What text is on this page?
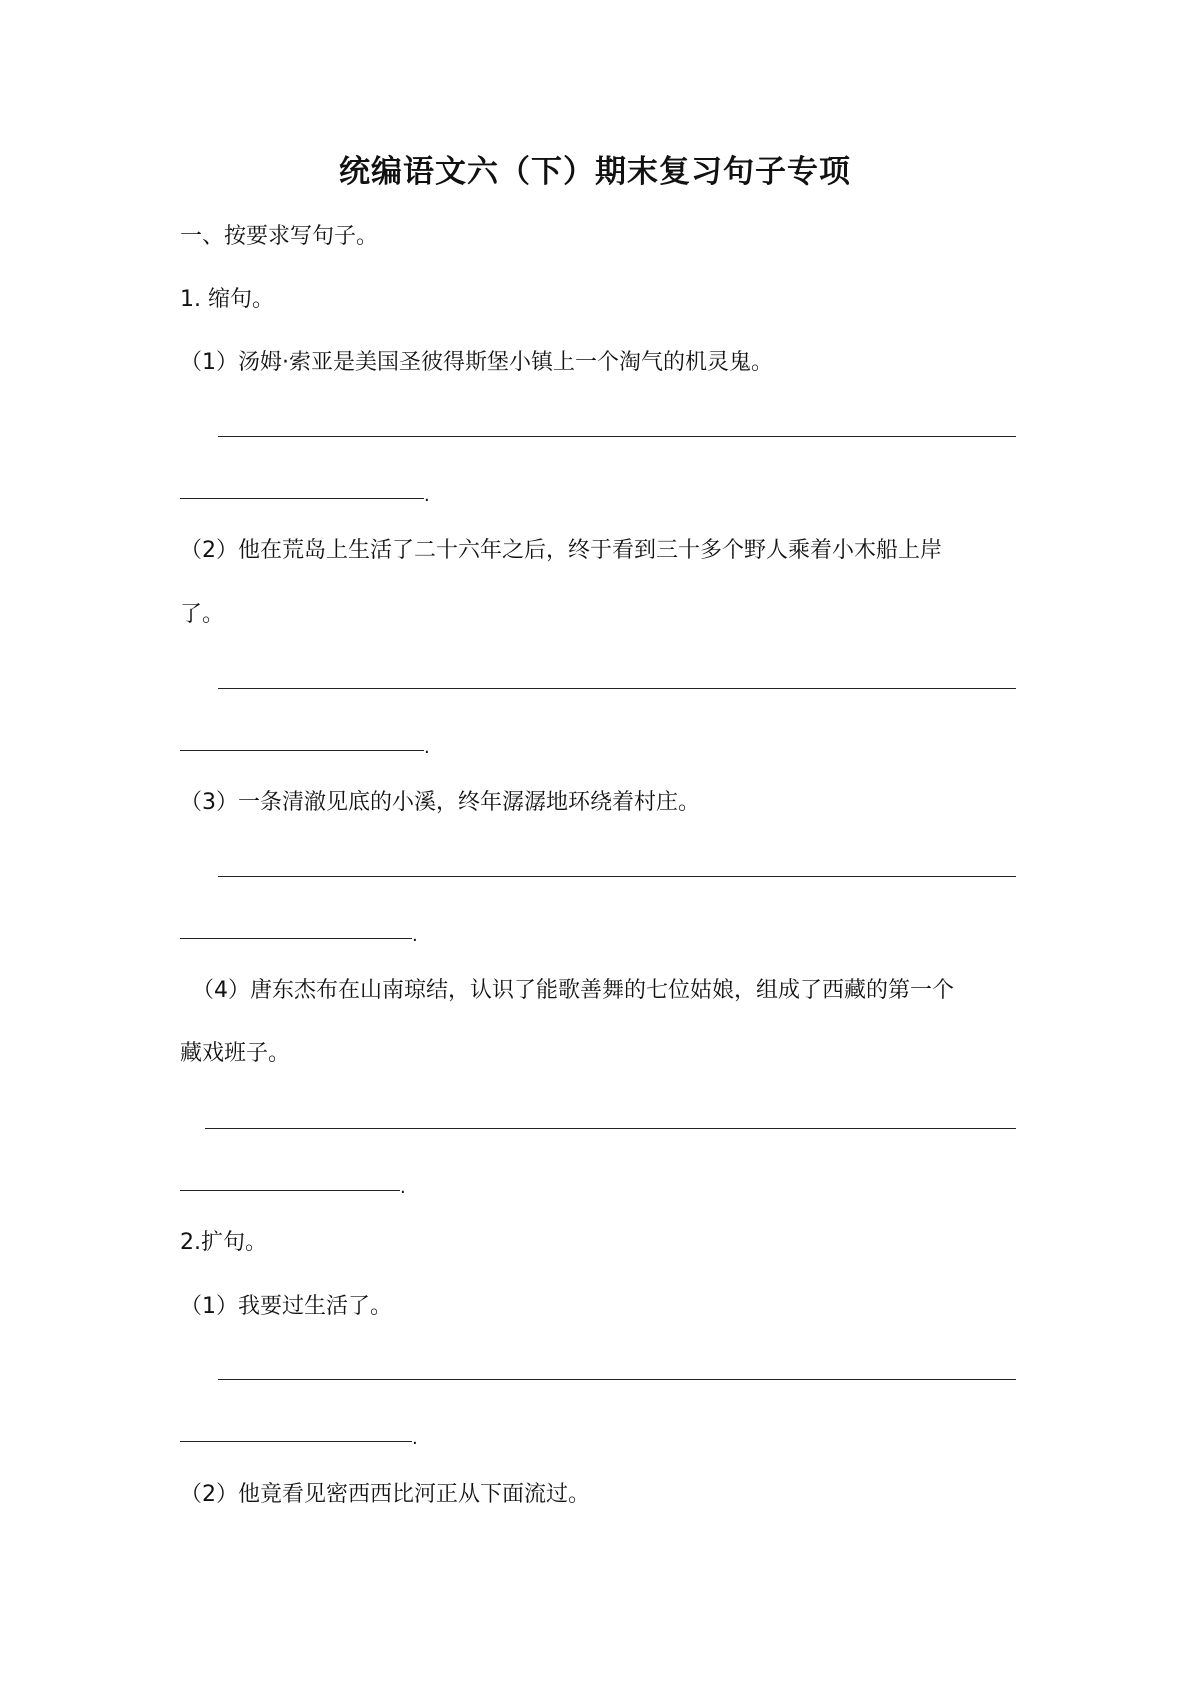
统编语文六（下）期末复习句子专项
一、按要求写句子。
1. 缩句。
（1）汤姆·索亚是美国圣彼得斯堡小镇上一个淘气的机灵鬼。
.
（2）他在荒岛上生活了二十六年之后，终于看到三十多个野人乘着小木船上岸
了。
.
（3）一条清澈见底的小溪，终年潺潺地环绕着村庄。
.
（4）唐东杰布在山南琼结，认识了能歌善舞的七位姑娘，组成了西藏的第一个
藏戏班子。
.
2.扩句。
（1）我要过生活了。
.
（2）他竟看见密西西比河正从下面流过。
